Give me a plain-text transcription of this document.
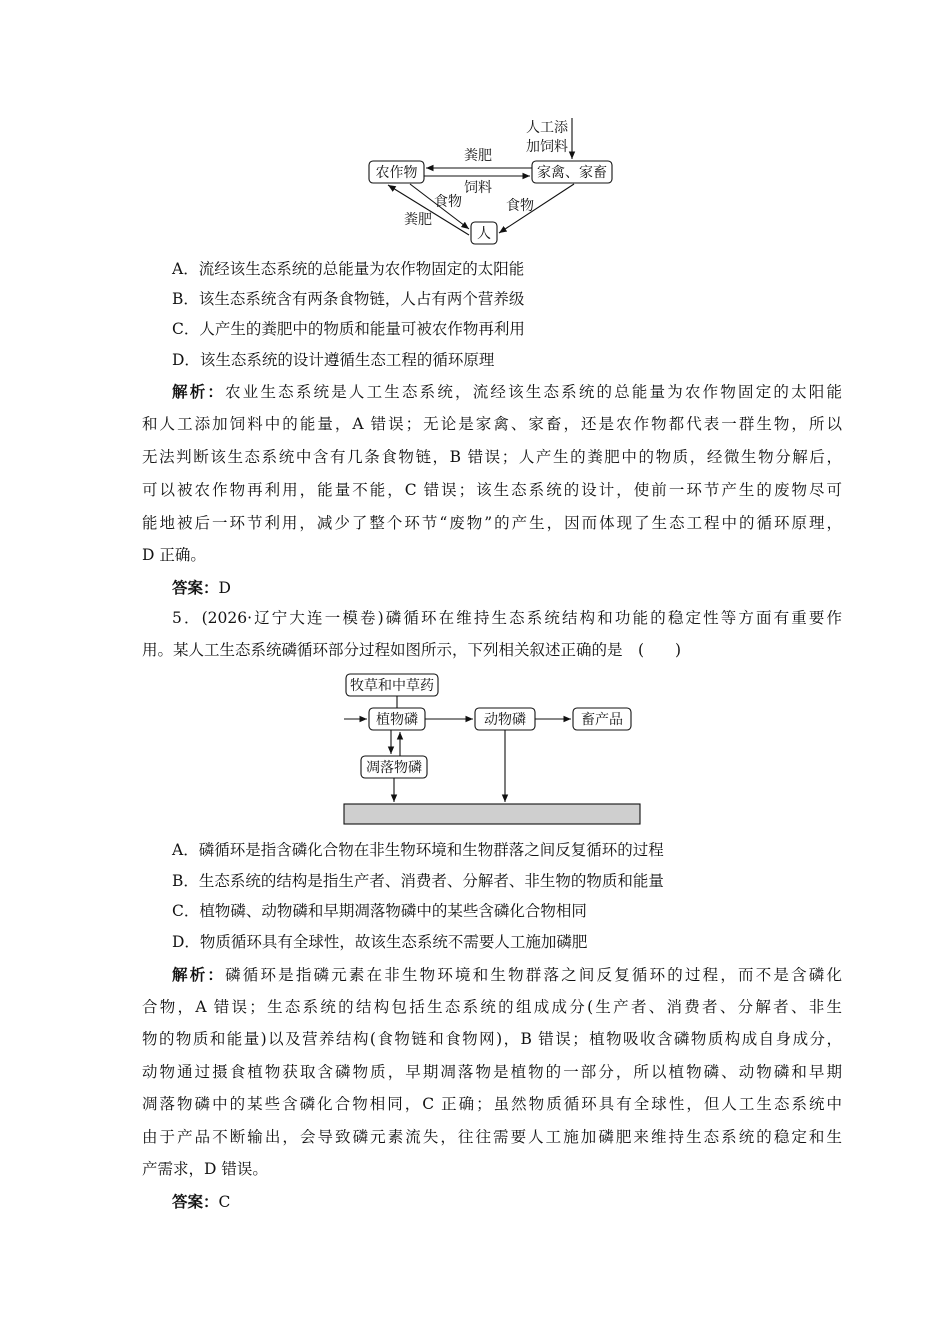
农作物	家禽、家畜
人
人工添
加饲料
粪肥
饲料
食物
粪肥
食物
A．流经该生态系统的总能量为农作物固定的太阳能
B．该生态系统含有两条食物链，人占有两个营养级
C．人产生的粪肥中的物质和能量可被农作物再利用
D．该生态系统的设计遵循生态工程的循环原理
解析：农业生态系统是人工生态系统，流经该生态系统的总能量为农作物固定的太阳能
和人工添加饲料中的能量，A 错误；无论是家禽、家畜，还是农作物都代表一群生物，所以
无法判断该生态系统中含有几条食物链，B 错误；人产生的粪肥中的物质，经微生物分解后，
可以被农作物再利用，能量不能，C 错误；该生态系统的设计，使前一环节产生的废物尽可
能地被后一环节利用，减少了整个环节“废物”的产生，因而体现了生态工程中的循环原理，
D 正确。
答案：D
5．(2026·辽宁大连一模卷)磷循环在维持生态系统结构和功能的稳定性等方面有重要作
用。某人工生态系统磷循环部分过程如图所示，下列相关叙述正确的是　(　　)
牧草和中草药
植物磷	动物磷	畜产品
凋落物磷
A．磷循环是指含磷化合物在非生物环境和生物群落之间反复循环的过程
B．生态系统的结构是指生产者、消费者、分解者、非生物的物质和能量
C．植物磷、动物磷和早期凋落物磷中的某些含磷化合物相同
D．物质循环具有全球性，故该生态系统不需要人工施加磷肥
解析：磷循环是指磷元素在非生物环境和生物群落之间反复循环的过程，而不是含磷化
合物，A 错误；生态系统的结构包括生态系统的组成成分(生产者、消费者、分解者、非生
物的物质和能量)以及营养结构(食物链和食物网)，B 错误；植物吸收含磷物质构成自身成分，
动物通过摄食植物获取含磷物质，早期凋落物是植物的一部分，所以植物磷、动物磷和早期
凋落物磷中的某些含磷化合物相同，C 正确；虽然物质循环具有全球性，但人工生态系统中
由于产品不断输出，会导致磷元素流失，往往需要人工施加磷肥来维持生态系统的稳定和生
产需求，D 错误。
答案：C
